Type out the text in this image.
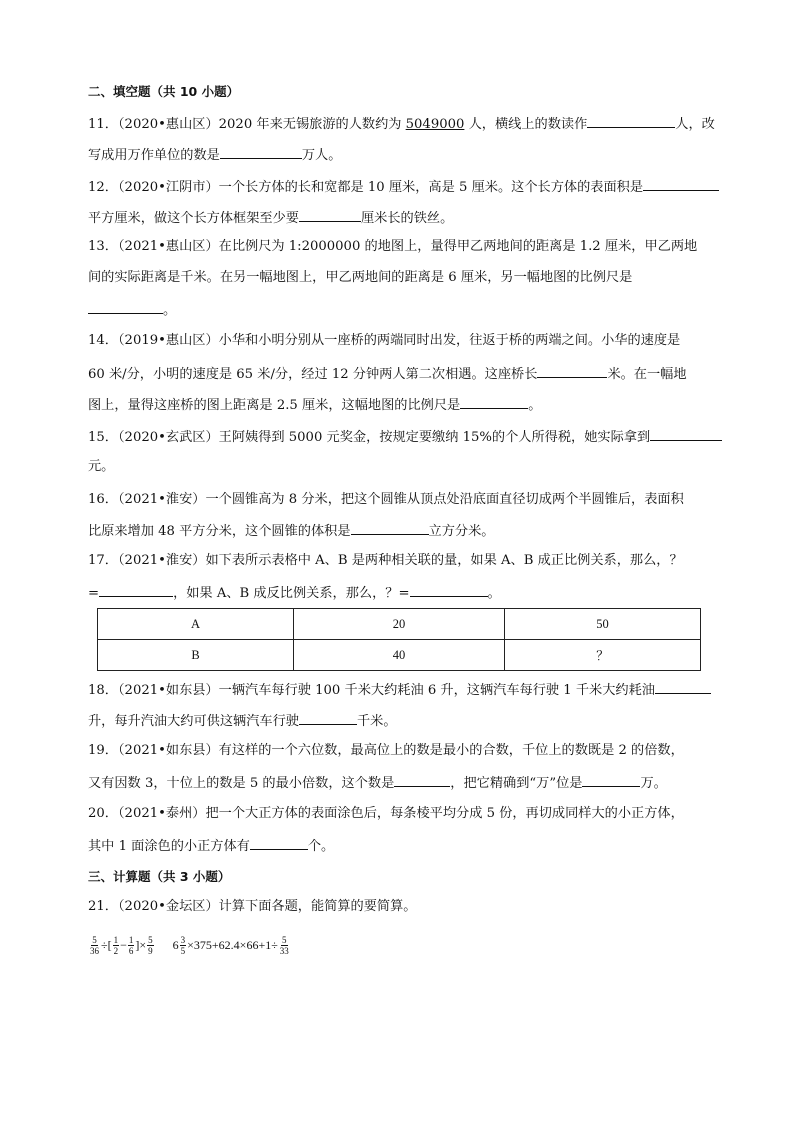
二、填空题（共 10 小题）
11．（2020•惠山区）2020 年来无锡旅游的人数约为 5049000 人，横线上的数读作	人，改
写成用万作单位的数是	万人。
12．（2020•江阴市）一个长方体的长和宽都是 10 厘米，高是 5 厘米。这个长方体的表面积是
平方厘米，做这个长方体框架至少要	厘米长的铁丝。
13．（2021•惠山区）在比例尺为 1:2000000 的地图上，量得甲乙两地间的距离是 1.2 厘米，甲乙两地
间的实际距离是千米。在另一幅地图上，甲乙两地间的距离是 6 厘米，另一幅地图的比例尺是
。
14．（2019•惠山区）小华和小明分别从一座桥的两端同时出发，往返于桥的两端之间。小华的速度是
60 米/分，小明的速度是 65 米/分，经过 12 分钟两人第二次相遇。这座桥长	米。在一幅地
图上，量得这座桥的图上距离是 2.5 厘米，这幅地图的比例尺是	。
15．（2020•玄武区）王阿姨得到 5000 元奖金，按规定要缴纳 15%的个人所得税，她实际拿到
元。
16．（2021•淮安）一个圆锥高为 8 分米，把这个圆锥从顶点处沿底面直径切成两个半圆锥后，表面积
比原来增加 48 平方分米，这个圆锥的体积是	立方分米。
17．（2021•淮安）如下表所示表格中 A、B 是两种相关联的量，如果 A、B 成正比例关系，那么，？
=	，如果 A、B 成反比例关系，那么，？=	。
A	20	50
B	40	？
18．（2021•如东县）一辆汽车每行驶 100 千米大约耗油 6 升，这辆汽车每行驶 1 千米大约耗油
升，每升汽油大约可供这辆汽车行驶	千米。
19．（2021•如东县）有这样的一个六位数，最高位上的数是最小的合数，千位上的数既是 2 的倍数，
又有因数 3，十位上的数是 5 的最小倍数，这个数是	，把它精确到“万”位是	万。
20．（2021•泰州）把一个大正方体的表面涂色后，每条棱平均分成 5 份，再切成同样大的小正方体，
其中 1 面涂色的小正方体有	个。
三、计算题（共 3 小题）
21．（2020•金坛区）计算下面各题，能简算的要简算。
$\frac{5}{36}$ ÷[ $\frac{1}{2} - \frac{1}{6}$ ]× $\frac{5}{9} 6 \frac{3}{5} \times 375+62.4\times 66+1\div \frac{5}{33}$
